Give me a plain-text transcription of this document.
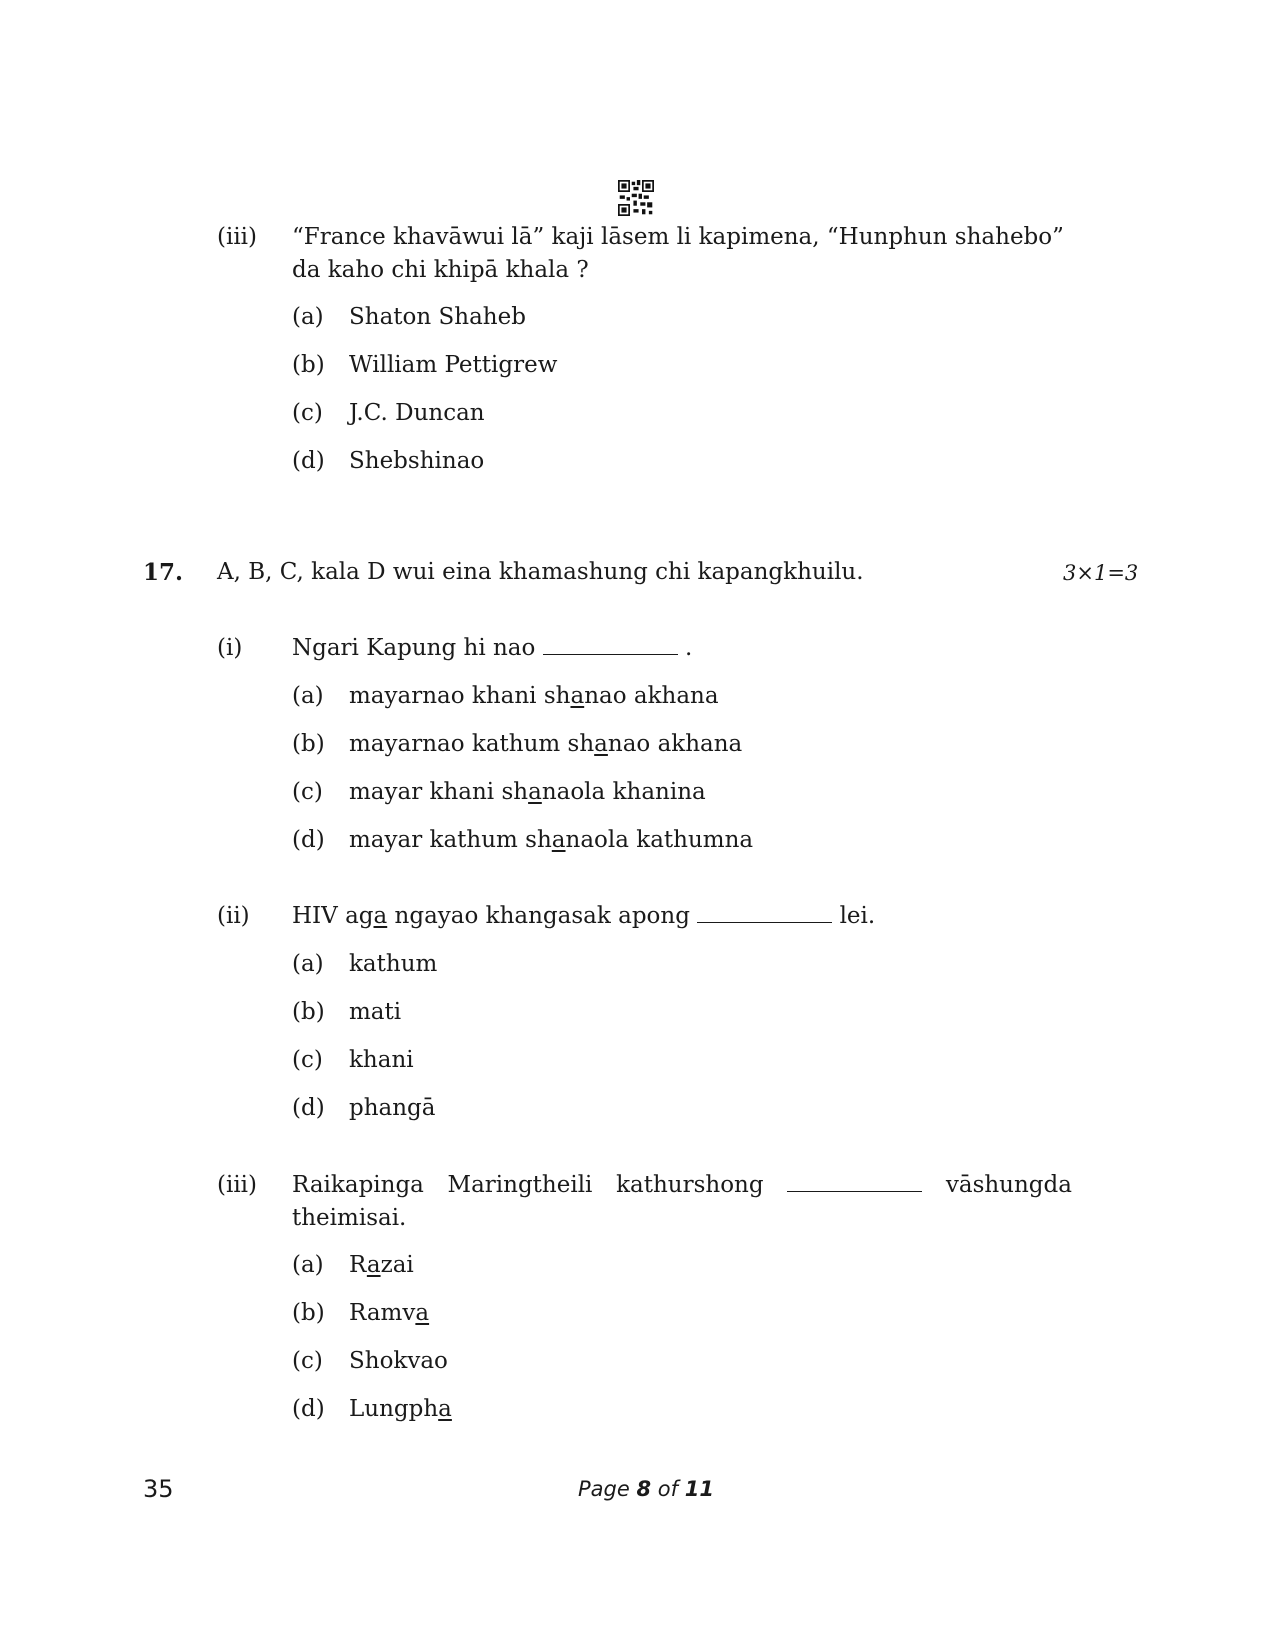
(iii) “France khavāwui lā” kaji lāsem li kapimena, “Hunphun shahebo”
da kaho chi khipā khala ?
(a) Shaton Shaheb
(b) William Pettigrew
(c) J.C. Duncan
(d) Shebshinao
17. A, B, C, kala D wui eina khamashung chi kapangkhuilu.	3×1=3
(i) Ngari Kapung hi nao	.
(a) mayarnao khani shanao akhana
(b) mayarnao kathum shanao akhana
(c) mayar khani shanaola khanina
(d) mayar kathum shanaola kathumna
(ii) HIV aga ngayao khangasak apong	lei.
(a) kathum
(b) mati
(c) khani
(d) phangā
(iii) Raikapinga Maringtheili kathurshong	vāshungda
theimisai.
(a) Razai
(b) Ramva
(c) Shokvao
(d) Lungpha
35	Page 8 of 11
